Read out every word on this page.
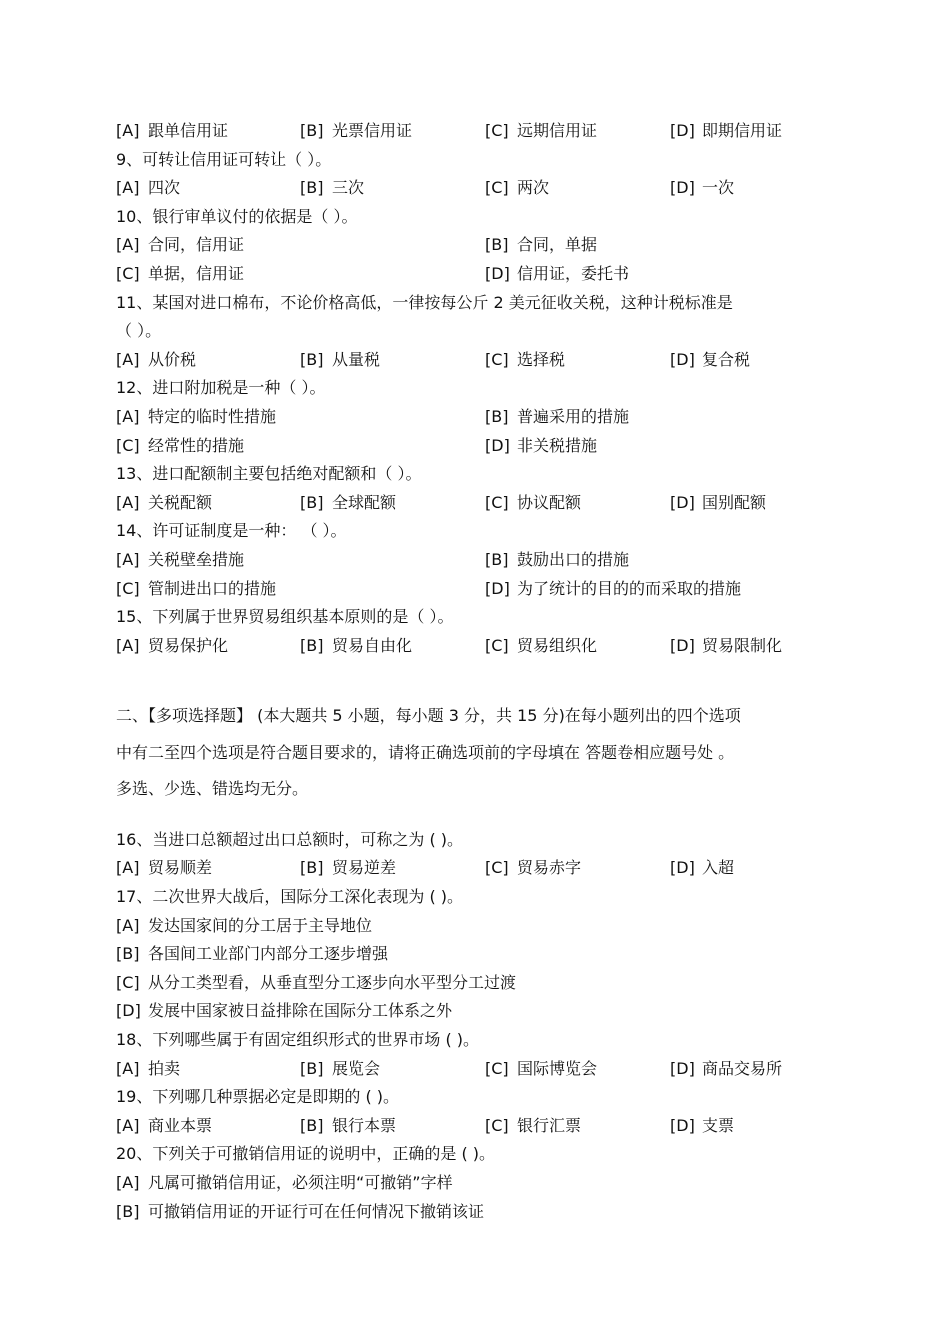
[A] 跟单信用证	[B] 光票信用证	[C] 远期信用证	[D] 即期信用证
9、可转让信用证可转让（ ）。
[A] 四次	[B] 三次	[C] 两次	[D] 一次
10、银行审单议付的依据是（ ）。
[A] 合同，信用证	[B] 合同，单据
[C] 单据，信用证	[D] 信用证，委托书
11、某国对进口棉布，不论价格高低，一律按每公斤 2 美元征收关税，这种计税标准是
（ ）。
[A] 从价税	[B] 从量税	[C] 选择税	[D] 复合税
12、进口附加税是一种（ ）。
[A] 特定的临时性措施	[B] 普遍采用的措施
[C] 经常性的措施	[D] 非关税措施
13、进口配额制主要包括绝对配额和（ ）。
[A] 关税配额	[B] 全球配额	[C] 协议配额	[D] 国别配额
14、许可证制度是一种： （ ）。
[A] 关税壁垒措施	[B] 鼓励出口的措施
[C] 管制进出口的措施	[D] 为了统计的目的的而采取的措施
15、下列属于世界贸易组织基本原则的是（ ）。
[A] 贸易保护化	[B] 贸易自由化	[C] 贸易组织化	[D] 贸易限制化
二、【多项选择题】 (本大题共 5 小题，每小题 3 分，共 15 分)在每小题列出的四个选项
中有二至四个选项是符合题目要求的，请将正确选项前的字母填在 答题卷相应题号处 。
多选、少选、错选均无分。
16、当进口总额超过出口总额时，可称之为 ( )。
[A] 贸易顺差	[B] 贸易逆差	[C] 贸易赤字	[D] 入超
17、二次世界大战后，国际分工深化表现为 ( )。
[A] 发达国家间的分工居于主导地位
[B] 各国间工业部门内部分工逐步增强
[C] 从分工类型看，从垂直型分工逐步向水平型分工过渡
[D] 发展中国家被日益排除在国际分工体系之外
18、下列哪些属于有固定组织形式的世界市场 ( )。
[A] 拍卖	[B] 展览会	[C] 国际博览会	[D] 商品交易所
19、下列哪几种票据必定是即期的 ( )。
[A] 商业本票	[B] 银行本票	[C] 银行汇票	[D] 支票
20、下列关于可撤销信用证的说明中，正确的是 ( )。
[A] 凡属可撤销信用证，必须注明“可撤销”字样
[B] 可撤销信用证的开证行可在任何情况下撤销该证
